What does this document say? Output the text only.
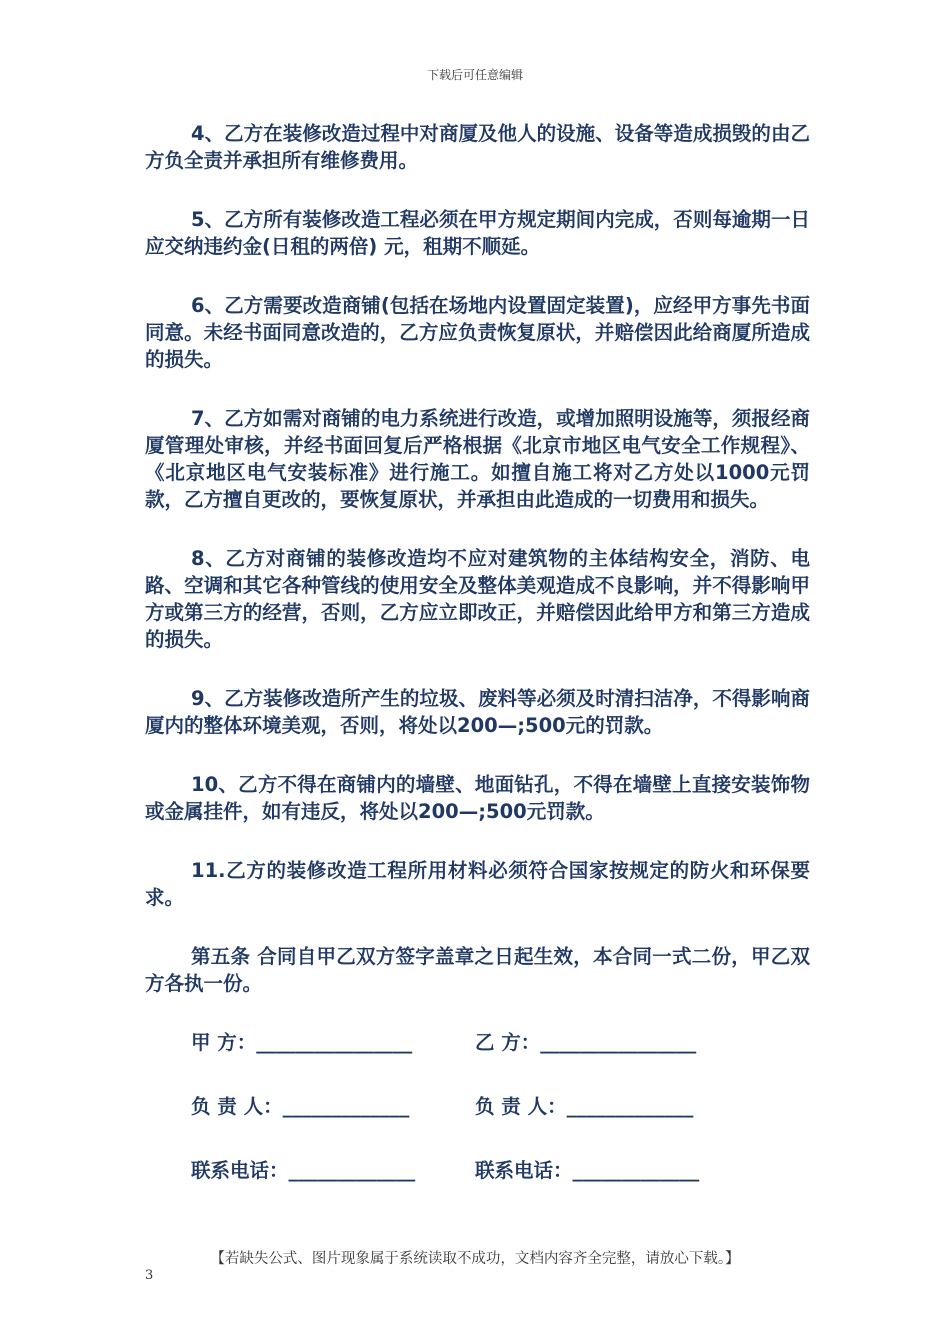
下载后可任意编辑

4、乙方在装修改造过程中对商厦及他人的设施、设备等造成损毁的由乙方负全责并承担所有维修费用。

5、乙方所有装修改造工程必须在甲方规定期间内完成，否则每逾期一日应交纳违约金(日租的两倍) 元，租期不顺延。

6、乙方需要改造商铺(包括在场地内设置固定装置)，应经甲方事先书面同意。未经书面同意改造的，乙方应负责恢复原状，并赔偿因此给商厦所造成的损失。

7、乙方如需对商铺的电力系统进行改造，或增加照明设施等，须报经商厦管理处审核，并经书面回复后严格根据《北京市地区电气安全工作规程》、《北京地区电气安装标准》进行施工。如擅自施工将对乙方处以1000元罚款，乙方擅自更改的，要恢复原状，并承担由此造成的一切费用和损失。

8、乙方对商铺的装修改造均不应对建筑物的主体结构安全，消防、电路、空调和其它各种管线的使用安全及整体美观造成不良影响，并不得影响甲方或第三方的经营，否则，乙方应立即改正，并赔偿因此给甲方和第三方造成的损失。

9、乙方装修改造所产生的垃圾、废料等必须及时清扫洁净，不得影响商厦内的整体环境美观，否则，将处以200—;500元的罚款。

10、乙方不得在商铺内的墙壁、地面钻孔，不得在墙壁上直接安装饰物或金属挂件，如有违反，将处以200—;500元罚款。

11.乙方的装修改造工程所用材料必须符合国家按规定的防火和环保要求。

第五条 合同自甲乙双方签字盖章之日起生效，本合同一式二份，甲乙双方各执一份。

甲 方：________________	乙 方：________________
负 责 人：_____________	负 责 人：_____________
联系电话：_____________	联系电话：_____________
【若缺失公式、图片现象属于系统读取不成功，文档内容齐全完整，请放心下载。】
3
